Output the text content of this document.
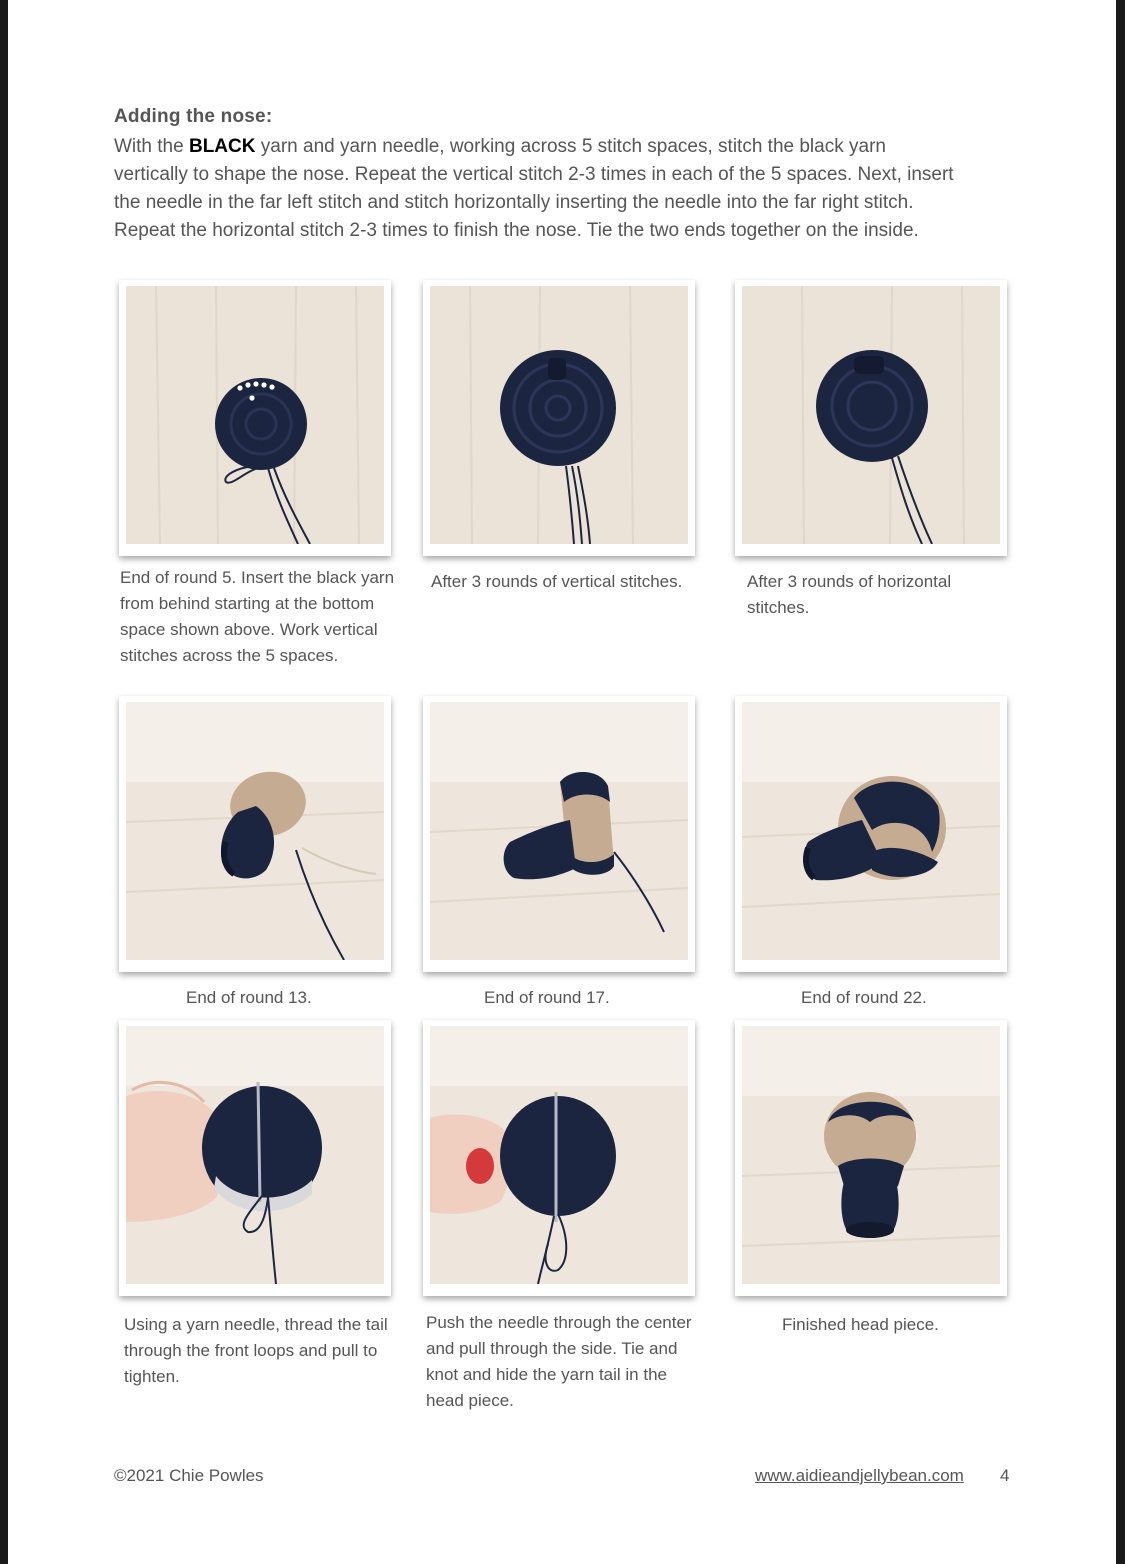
Adding the nose:
With the BLACK yarn and yarn needle, working across 5 stitch spaces, stitch the black yarn vertically to shape the nose. Repeat the vertical stitch 2-3 times in each of the 5 spaces. Next, insert the needle in the far left stitch and stitch horizontally inserting the needle into the far right stitch. Repeat the horizontal stitch 2-3 times to finish the nose. Tie the two ends together on the inside.
End of round 5. Insert the black yarn from behind starting at the bottom space shown above. Work vertical stitches across the 5 spaces.
After 3 rounds of vertical stitches.	After 3 rounds of horizontal stitches.
End of round 13.	End of round 17.	End of round 22.
Using a yarn needle, thread the tail through the front loops and pull to tighten.
Push the needle through the center and pull through the side. Tie and knot and hide the yarn tail in the head piece.
Finished head piece.
©2021 Chie Powles	www.aidieandjellybean.com 4
